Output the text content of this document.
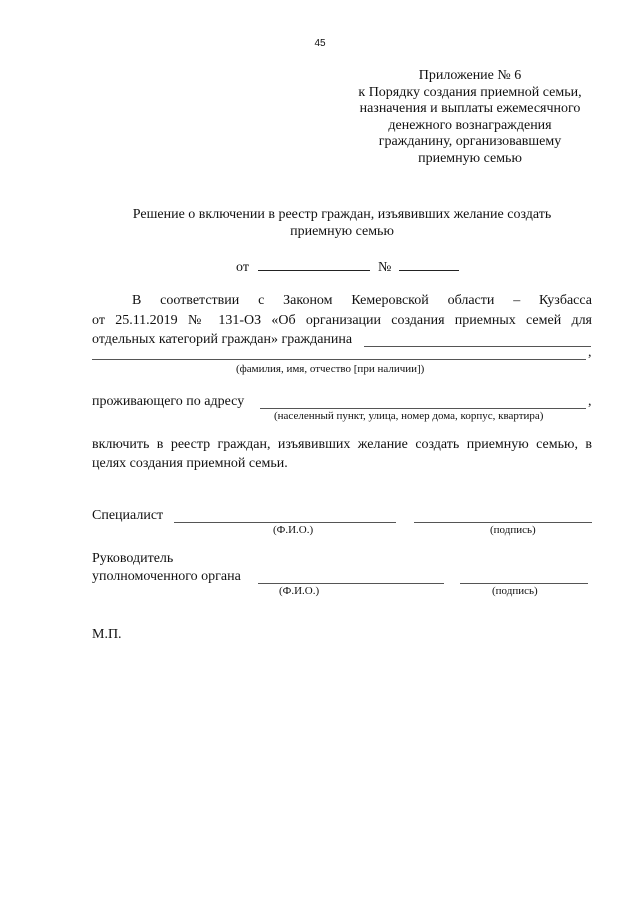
45
Приложение № 6
к Порядку создания приемной семьи,
назначения и выплаты ежемесячного
денежного вознаграждения
гражданину, организовавшему
приемную семью
Решение о включении в реестр граждан, изъявивших желание создать
приемную семью
от	№
В соответствии с Законом Кемеровской области – Кузбасса
от 25.11.2019 № 131-ОЗ «Об организации создания приемных семей для
отдельных категорий граждан» гражданина
,
(фамилия, имя, отчество [при наличии])
проживающего по адресу	,
(населенный пункт, улица, номер дома, корпус, квартира)
включить в реестр граждан, изъявивших желание создать приемную семью, в
целях создания приемной семьи.
Специалист
(Ф.И.О.)	(подпись)
Руководитель
уполномоченного органа
(Ф.И.О.)	(подпись)
М.П.
